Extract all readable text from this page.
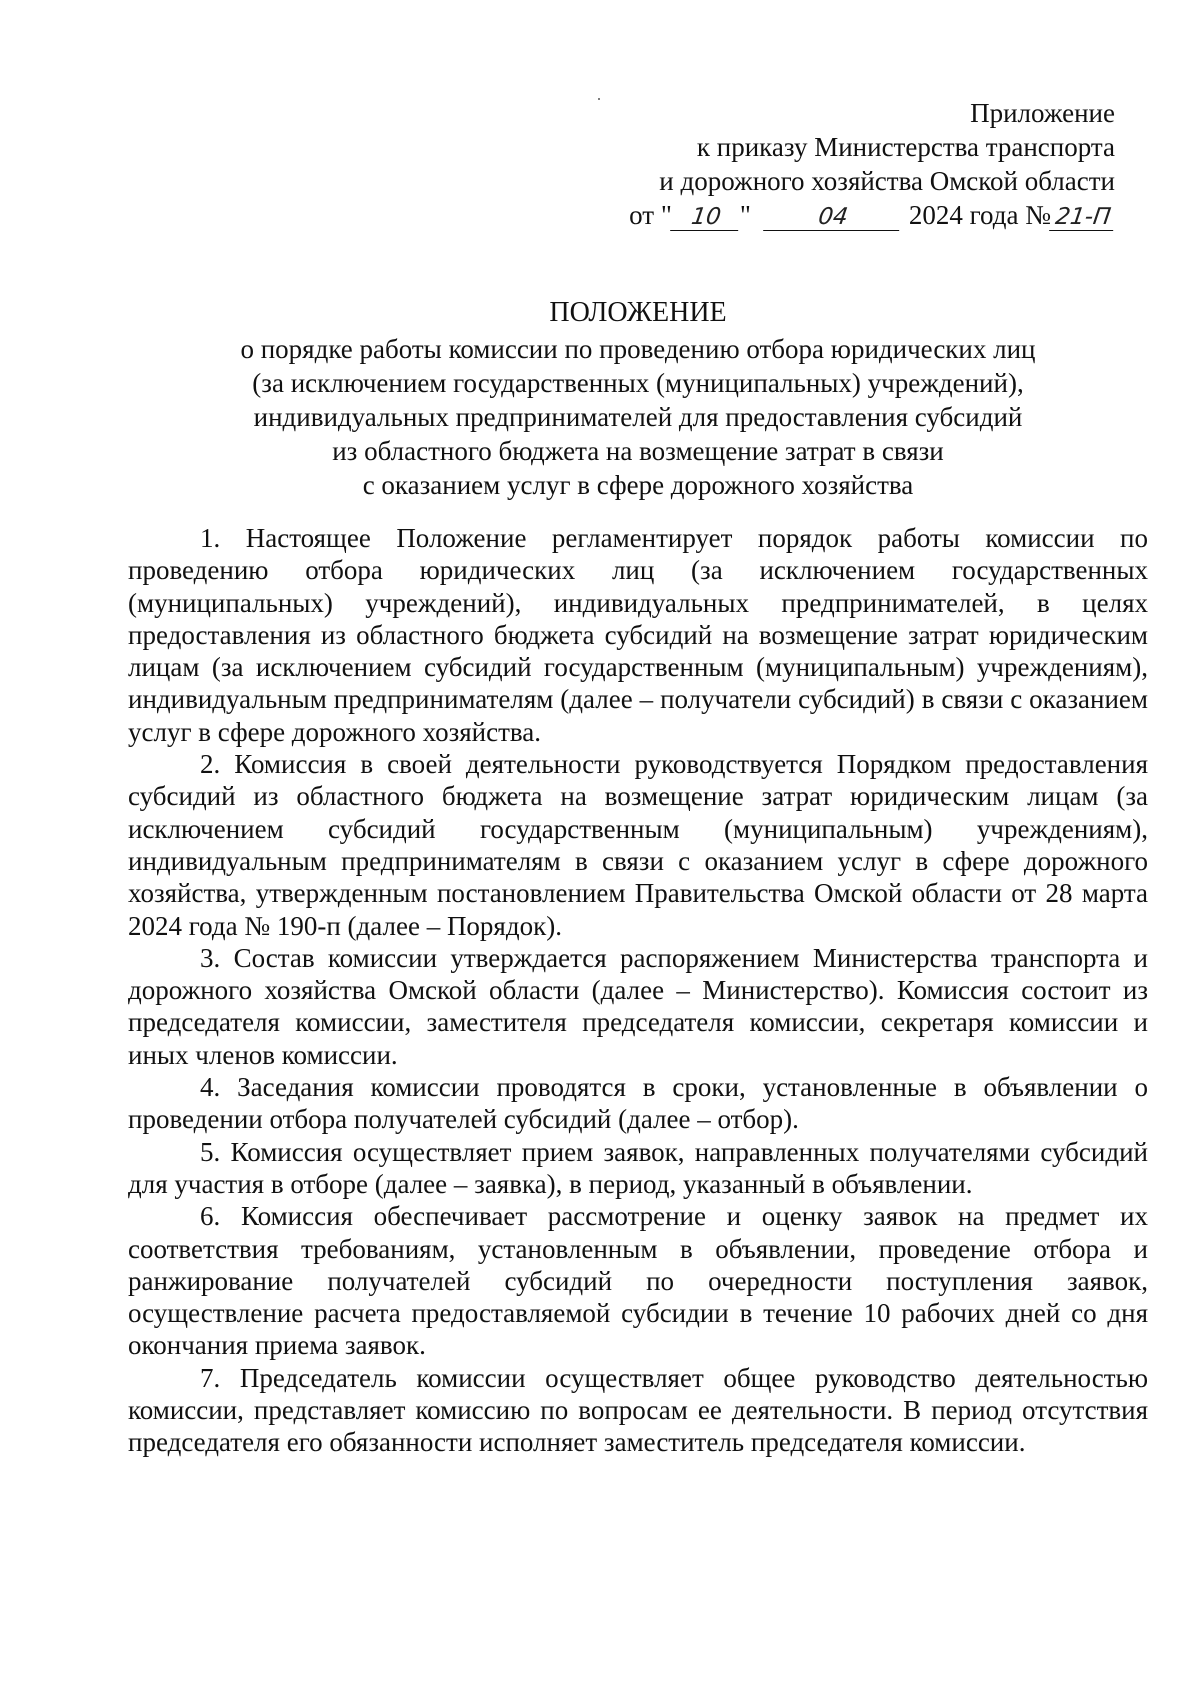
Приложение
к приказу Министерства транспорта
и дорожного хозяйства Омской области
от " 10 "	04 2024 года № 21-П
ПОЛОЖЕНИЕ
о порядке работы комиссии по проведению отбора юридических лиц
(за исключением государственных (муниципальных) учреждений),
индивидуальных предпринимателей для предоставления субсидий
из областного бюджета на возмещение затрат в связи
с оказанием услуг в сфере дорожного хозяйства

1. Настоящее Положение регламентирует порядок работы комиссии по проведению отбора юридических лиц (за исключением государственных (муниципальных) учреждений), индивидуальных предпринимателей, в целях предоставления из областного бюджета субсидий на возмещение затрат юридическим лицам (за исключением субсидий государственным (муниципальным) учреждениям), индивидуальным предпринимателям (далее – получатели субсидий) в связи с оказанием услуг в сфере дорожного хозяйства.

2. Комиссия в своей деятельности руководствуется Порядком предоставления субсидий из областного бюджета на возмещение затрат юридическим лицам (за исключением субсидий государственным (муниципальным) учреждениям), индивидуальным предпринимателям в связи с оказанием услуг в сфере дорожного хозяйства, утвержденным постановлением Правительства Омской области от 28 марта 2024 года № 190-п (далее – Порядок).

3. Состав комиссии утверждается распоряжением Министерства транспорта и дорожного хозяйства Омской области (далее – Министерство). Комиссия состоит из председателя комиссии, заместителя председателя комиссии, секретаря комиссии и иных членов комиссии.

4. Заседания комиссии проводятся в сроки, установленные в объявлении о проведении отбора получателей субсидий (далее – отбор).

5. Комиссия осуществляет прием заявок, направленных получателями субсидий для участия в отборе (далее – заявка), в период, указанный в объявлении.

6. Комиссия обеспечивает рассмотрение и оценку заявок на предмет их соответствия требованиям, установленным в объявлении, проведение отбора и ранжирование получателей субсидий по очередности поступления заявок, осуществление расчета предоставляемой субсидии в течение 10 рабочих дней со дня окончания приема заявок.

7. Председатель комиссии осуществляет общее руководство деятельностью комиссии, представляет комиссию по вопросам ее деятельности. В период отсутствия председателя его обязанности исполняет заместитель председателя комиссии.
